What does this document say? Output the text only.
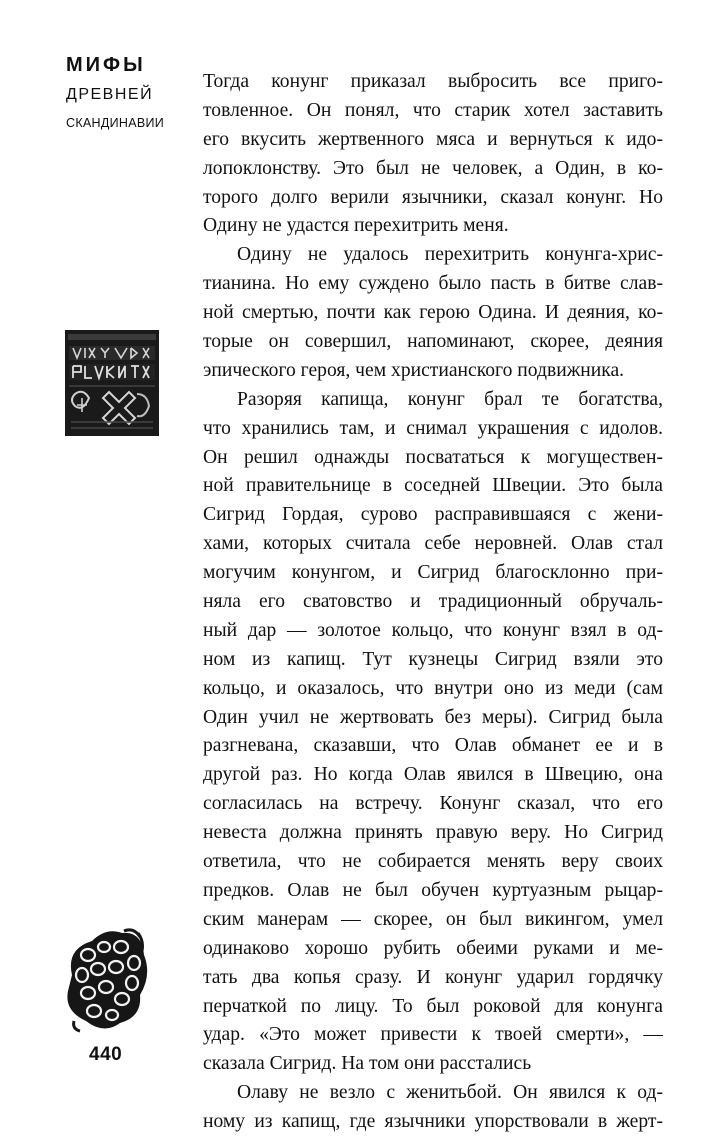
МИФЫ
ДРЕВНЕЙ
СКАНДИНАВИИ
440
Тогда конунг приказал выбросить все приго-
товленное. Он понял, что старик хотел заставить
его вкусить жертвенного мяса и вернуться к идо-
лопоклонству. Это был не человек, а Один, в ко-
торого долго верили язычники, сказал конунг. Но
Одину не удастся перехитрить меня.
Одину не удалось перехитрить конунга-хрис-
тианина. Но ему суждено было пасть в битве слав-
ной смертью, почти как герою Одина. И деяния, ко-
торые он совершил, напоминают, скорее, деяния
эпического героя, чем христианского подвижника.
Разоряя капища, конунг брал те богатства,
что хранились там, и снимал украшения с идолов.
Он решил однажды посвататься к могуществен-
ной правительнице в соседней Швеции. Это была
Сигрид Гордая, сурово расправившаяся с жени-
хами, которых считала себе неровней. Олав стал
могучим конунгом, и Сигрид благосклонно при-
няла его сватовство и традиционный обручаль-
ный дар — золотое кольцо, что конунг взял в од-
ном из капищ. Тут кузнецы Сигрид взяли это
кольцо, и оказалось, что внутри оно из меди (сам
Один учил не жертвовать без меры). Сигрид была
разгневана, сказавши, что Олав обманет ее и в
другой раз. Но когда Олав явился в Швецию, она
согласилась на встречу. Конунг сказал, что его
невеста должна принять правую веру. Но Сигрид
ответила, что не собирается менять веру своих
предков. Олав не был обучен куртуазным рыцар-
ским манерам — скорее, он был викингом, умел
одинаково хорошо рубить обеими руками и ме-
тать два копья сразу. И конунг ударил гордячку
перчаткой по лицу. То был роковой для конунга
удар. «Это может привести к твоей смерти», —
сказала Сигрид. На том они расстались
Олаву не везло с женитьбой. Он явился к од-
ному из капищ, где язычники упорствовали в жерт-
